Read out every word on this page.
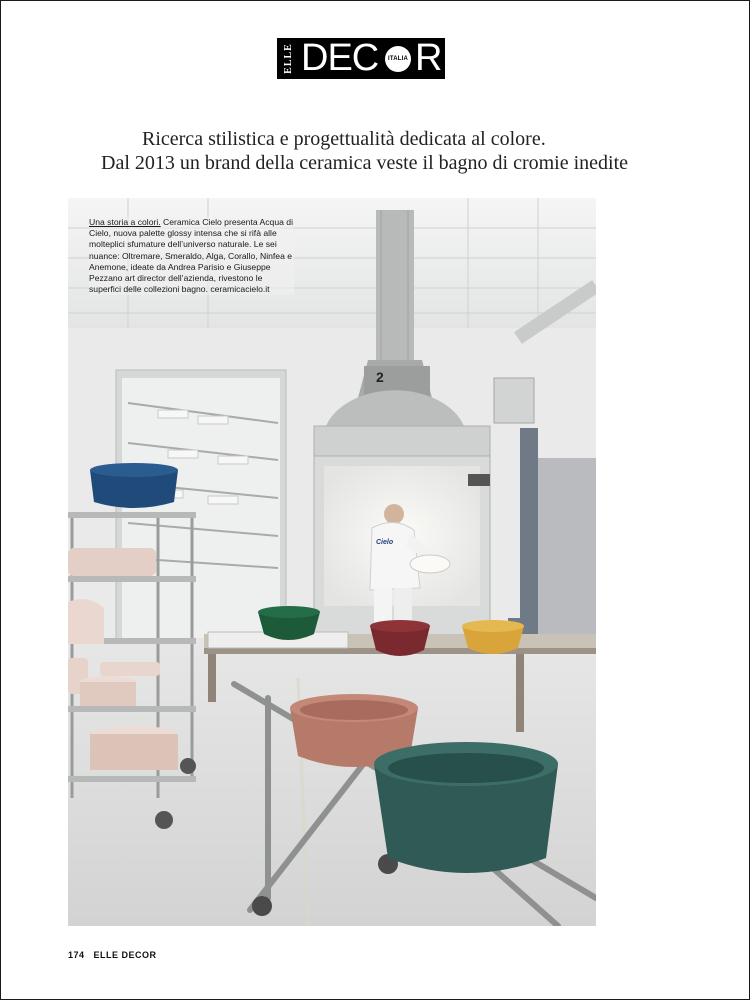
ELLE DEC	ITALIA R
Ricerca stilistica e progettualità dedicata al colore.
Dal 2013 un brand della ceramica veste il bagno di cromie inedite
2
Cielo
Una storia a colori. Ceramica Cielo presenta Acqua di Cielo, nuova palette glossy intensa che si rifà alle molteplici sfumature dell’universo naturale. Le sei nuance: Oltremare, Smeraldo, Alga, Corallo, Ninfea e Anemone, ideate da Andrea Parisio e Giuseppe Pezzano art director dell’azienda, rivestono le superfici delle collezioni bagno. ceramicacielo.it
174 ELLE DECOR
